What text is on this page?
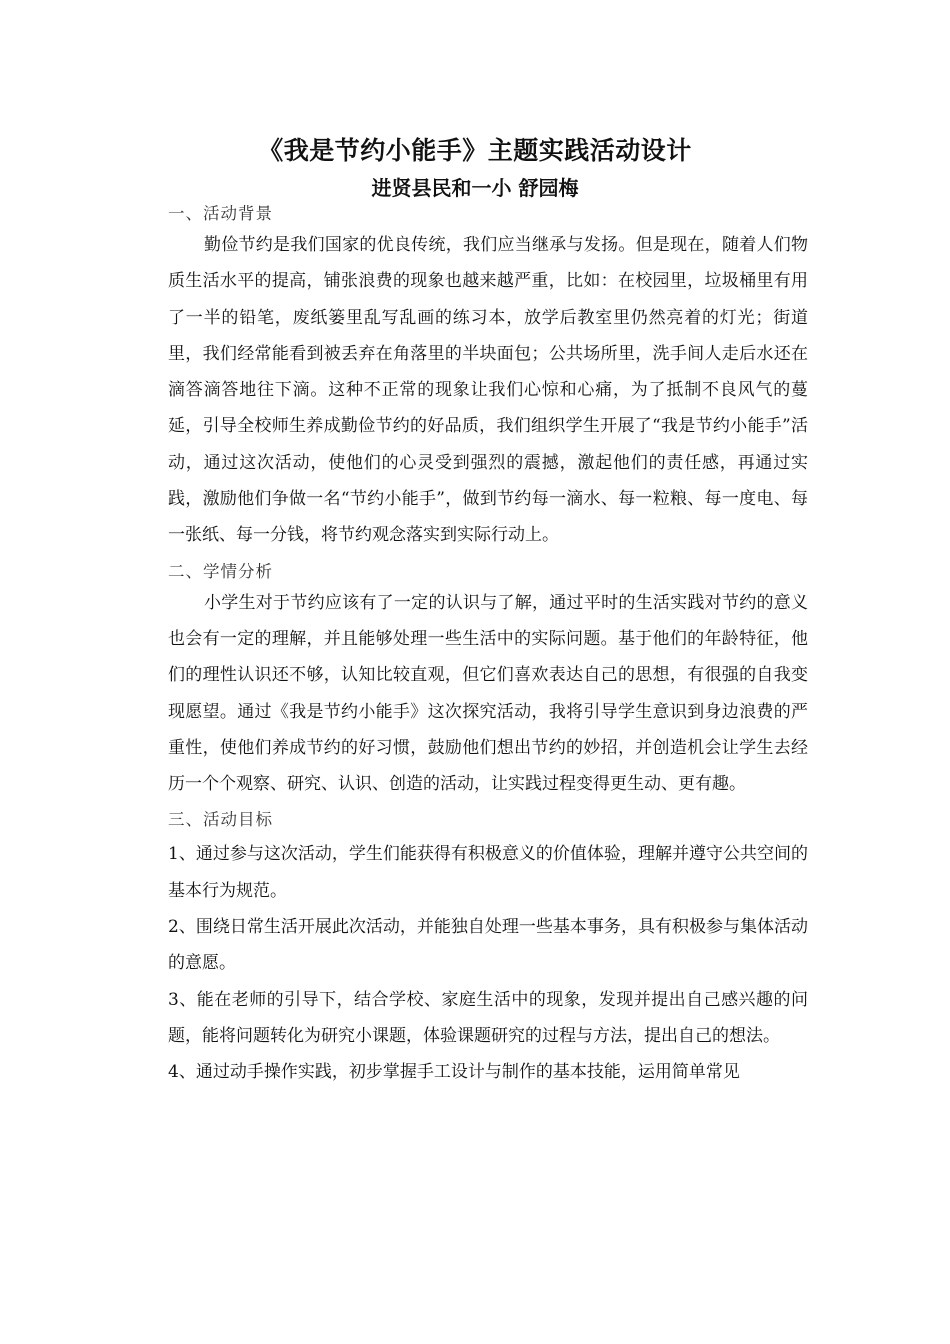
《我是节约小能手》主题实践活动设计
进贤县民和一小 舒园梅

一、活动背景

勤俭节约是我们国家的优良传统，我们应当继承与发扬。但是现在，随着人们物质生活水平的提高，铺张浪费的现象也越来越严重，比如：在校园里，垃圾桶里有用了一半的铅笔，废纸篓里乱写乱画的练习本，放学后教室里仍然亮着的灯光；街道里，我们经常能看到被丢弃在角落里的半块面包；公共场所里，洗手间人走后水还在滴答滴答地往下滴。这种不正常的现象让我们心惊和心痛，为了抵制不良风气的蔓延，引导全校师生养成勤俭节约的好品质，我们组织学生开展了“我是节约小能手”活动，通过这次活动，使他们的心灵受到强烈的震撼，激起他们的责任感，再通过实践，激励他们争做一名“节约小能手”，做到节约每一滴水、每一粒粮、每一度电、每一张纸、每一分钱，将节约观念落实到实际行动上。

二、学情分析

小学生对于节约应该有了一定的认识与了解，通过平时的生活实践对节约的意义也会有一定的理解，并且能够处理一些生活中的实际问题。基于他们的年龄特征，他们的理性认识还不够，认知比较直观，但它们喜欢表达自己的思想，有很强的自我变现愿望。通过《我是节约小能手》这次探究活动，我将引导学生意识到身边浪费的严重性，使他们养成节约的好习惯，鼓励他们想出节约的妙招，并创造机会让学生去经历一个个观察、研究、认识、创造的活动，让实践过程变得更生动、更有趣。

三、活动目标

1、通过参与这次活动，学生们能获得有积极意义的价值体验，理解并遵守公共空间的基本行为规范。

2、围绕日常生活开展此次活动，并能独自处理一些基本事务，具有积极参与集体活动的意愿。

3、能在老师的引导下，结合学校、家庭生活中的现象，发现并提出自己感兴趣的问题，能将问题转化为研究小课题，体验课题研究的过程与方法，提出自己的想法。

4、通过动手操作实践，初步掌握手工设计与制作的基本技能，运用简单常见
